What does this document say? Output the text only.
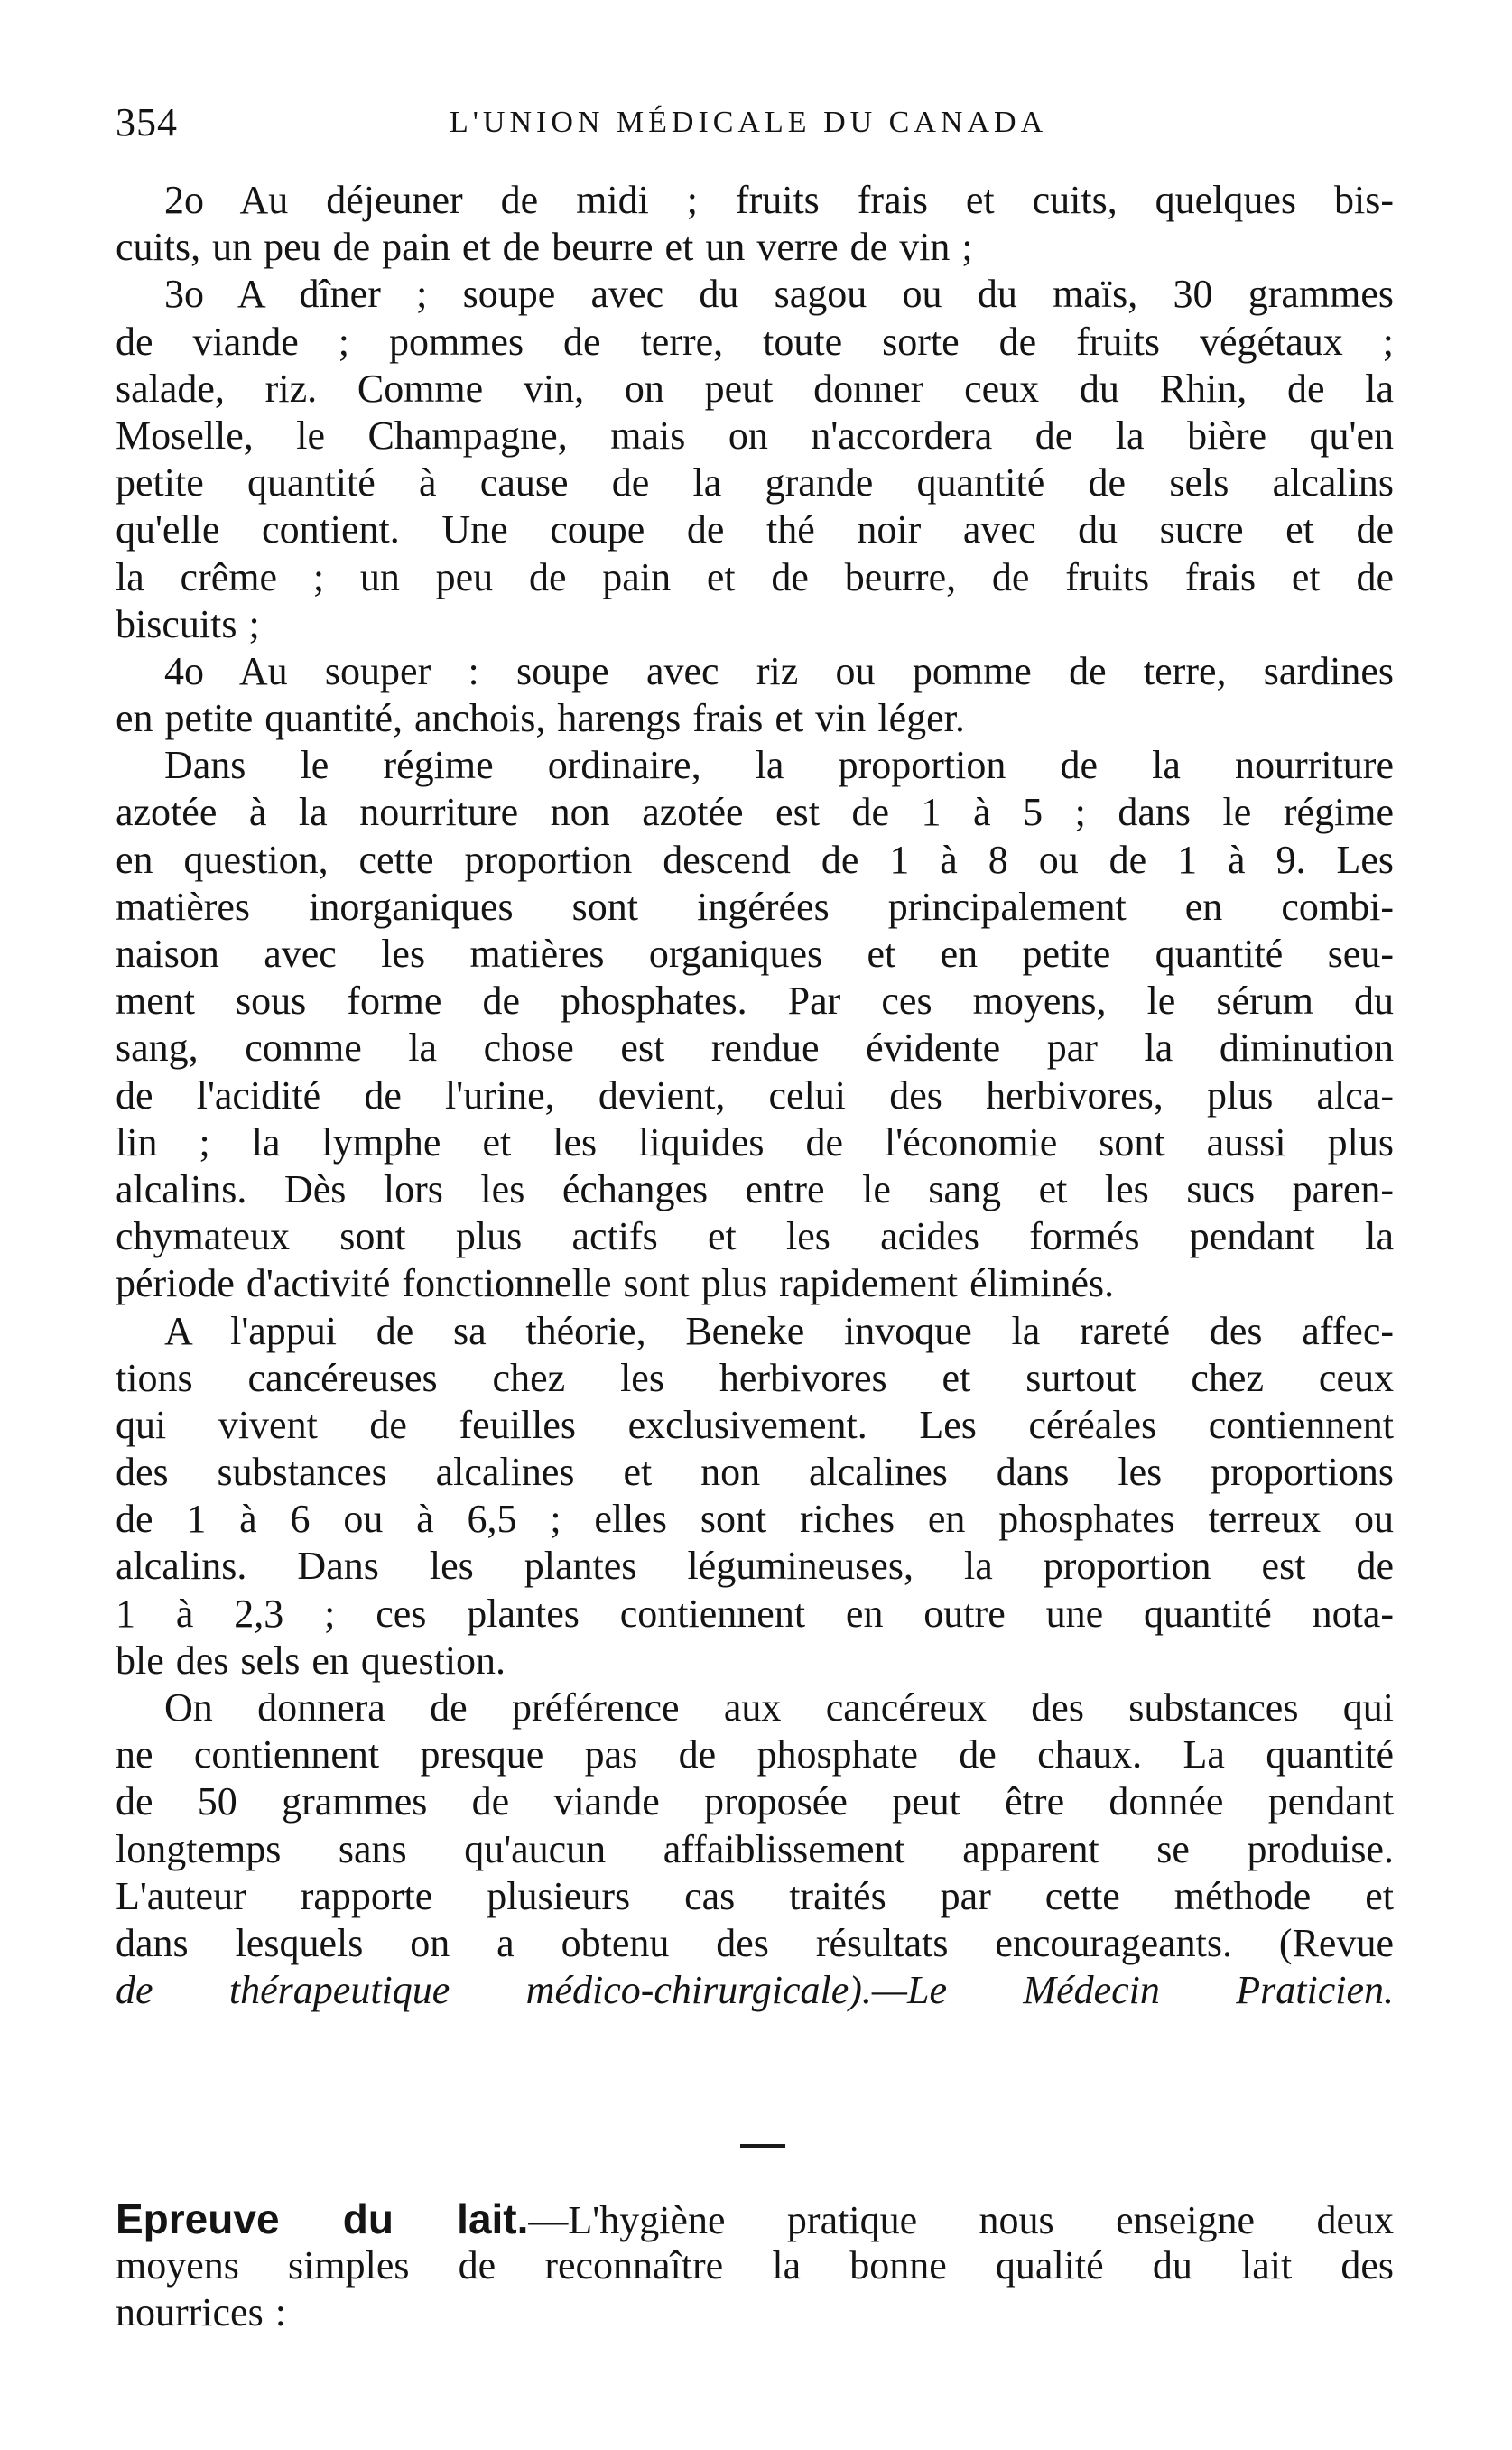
354	L'UNION MÉDICALE DU CANADA
2o Au déjeuner de midi ; fruits frais et cuits, quelques bis-
cuits, un peu de pain et de beurre et un verre de vin ;
3o A dîner ; soupe avec du sagou ou du maïs, 30 grammes
de viande ; pommes de terre, toute sorte de fruits végétaux ;
salade, riz. Comme vin, on peut donner ceux du Rhin, de la
Moselle, le Champagne, mais on n'accordera de la bière qu'en
petite quantité à cause de la grande quantité de sels alcalins
qu'elle contient. Une coupe de thé noir avec du sucre et de
la crême ; un peu de pain et de beurre, de fruits frais et de
biscuits ;
4o Au souper : soupe avec riz ou pomme de terre, sardines
en petite quantité, anchois, harengs frais et vin léger.
Dans le régime ordinaire, la proportion de la nourriture
azotée à la nourriture non azotée est de 1 à 5 ; dans le régime
en question, cette proportion descend de 1 à 8 ou de 1 à 9. Les
matières inorganiques sont ingérées principalement en combi-
naison avec les matières organiques et en petite quantité seu-
ment sous forme de phosphates. Par ces moyens, le sérum du
sang, comme la chose est rendue évidente par la diminution
de l'acidité de l'urine, devient, celui des herbivores, plus alca-
lin ; la lymphe et les liquides de l'économie sont aussi plus
alcalins. Dès lors les échanges entre le sang et les sucs paren-
chymateux sont plus actifs et les acides formés pendant la
période d'activité fonctionnelle sont plus rapidement éliminés.
A l'appui de sa théorie, Beneke invoque la rareté des affec-
tions cancéreuses chez les herbivores et surtout chez ceux
qui vivent de feuilles exclusivement. Les céréales contiennent
des substances alcalines et non alcalines dans les proportions
de 1 à 6 ou à 6,5 ; elles sont riches en phosphates terreux ou
alcalins. Dans les plantes légumineuses, la proportion est de
1 à 2,3 ; ces plantes contiennent en outre une quantité nota-
ble des sels en question.
On donnera de préférence aux cancéreux des substances qui
ne contiennent presque pas de phosphate de chaux. La quantité
de 50 grammes de viande proposée peut être donnée pendant
longtemps sans qu'aucun affaiblissement apparent se produise.
L'auteur rapporte plusieurs cas traités par cette méthode et
dans lesquels on a obtenu des résultats encourageants. (Revue
de thérapeutique médico-chirurgicale).—Le Médecin Praticien.
Epreuve du lait.—L'hygiène pratique nous enseigne deux
moyens simples de reconnaître la bonne qualité du lait des
nourrices :
